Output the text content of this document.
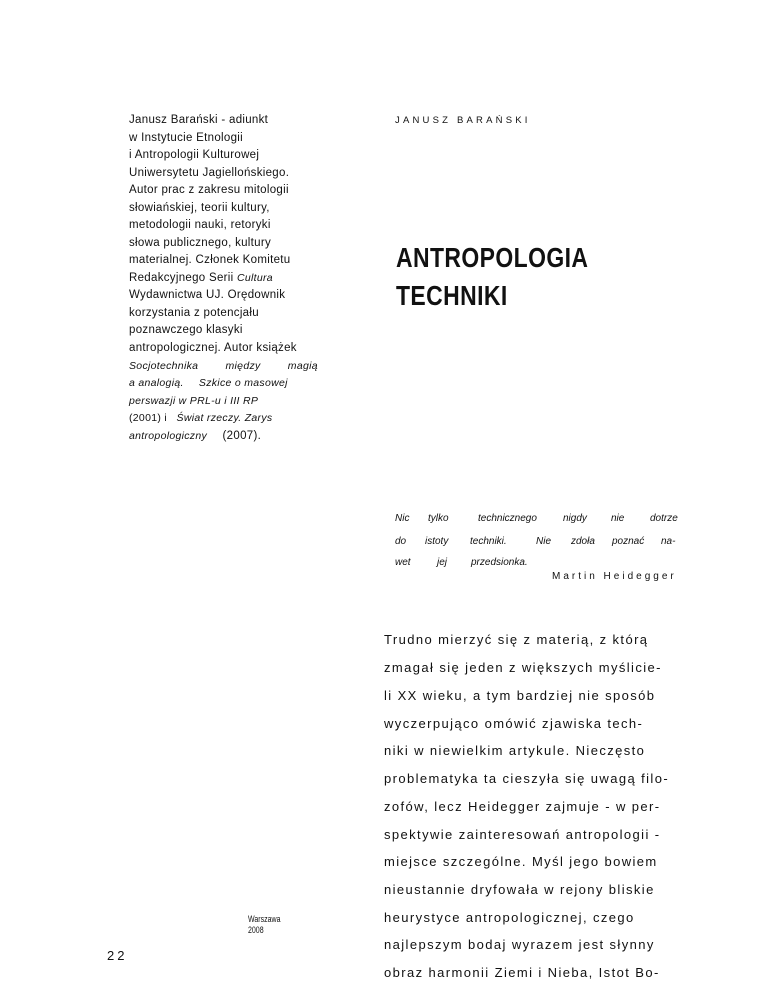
Janusz Barański - adiunkt
w Instytucie Etnologii
i Antropologii Kulturowej
Uniwersytetu Jagiellońskiego.
Autor prac z zakresu mitologii
słowiańskiej, teorii kultury,
metodologii nauki, retoryki
słowa publicznego, kultury
materialnej. Członek Komitetu
Redakcyjnego Serii Cultura
Wydawnictwa UJ. Orędownik
korzystania z potencjału
poznawczego klasyki
antropologicznej. Autor książek
Socjotechnika	między	magią
a analogią. Szkice o masowej
perswazji w PRL-u i III RP
(2001) i Świat rzeczy. Zarys
antropologiczny (2007).
JANUSZ BARAŃSKI
ANTROPOLOGIA
TECHNIKI
Nic tylko	technicznego	nigdy nie	dotrze
do istoty techniki.	Nie zdoła poznać na-
wet	jej przedsionka.
Martin Heidegger
Trudno mierzyć się z materią, z którą
zmagał się jeden z większych myślicie-
li XX wieku, a tym bardziej nie sposób
wyczerpująco omówić zjawiska tech-
niki w niewielkim artykule. Nieczęsto
problematyka ta cieszyła się uwagą filo-
zofów, lecz Heidegger zajmuje - w per-
spektywie zainteresowań antropologii -
miejsce szczególne. Myśl jego bowiem
nieustannie dryfowała w rejony bliskie
heurystyce antropologicznej, czego
najlepszym bodaj wyrazem jest słynny
obraz harmonii Ziemi i Nieba, Istot Bo-
Warszawa
2008
22
